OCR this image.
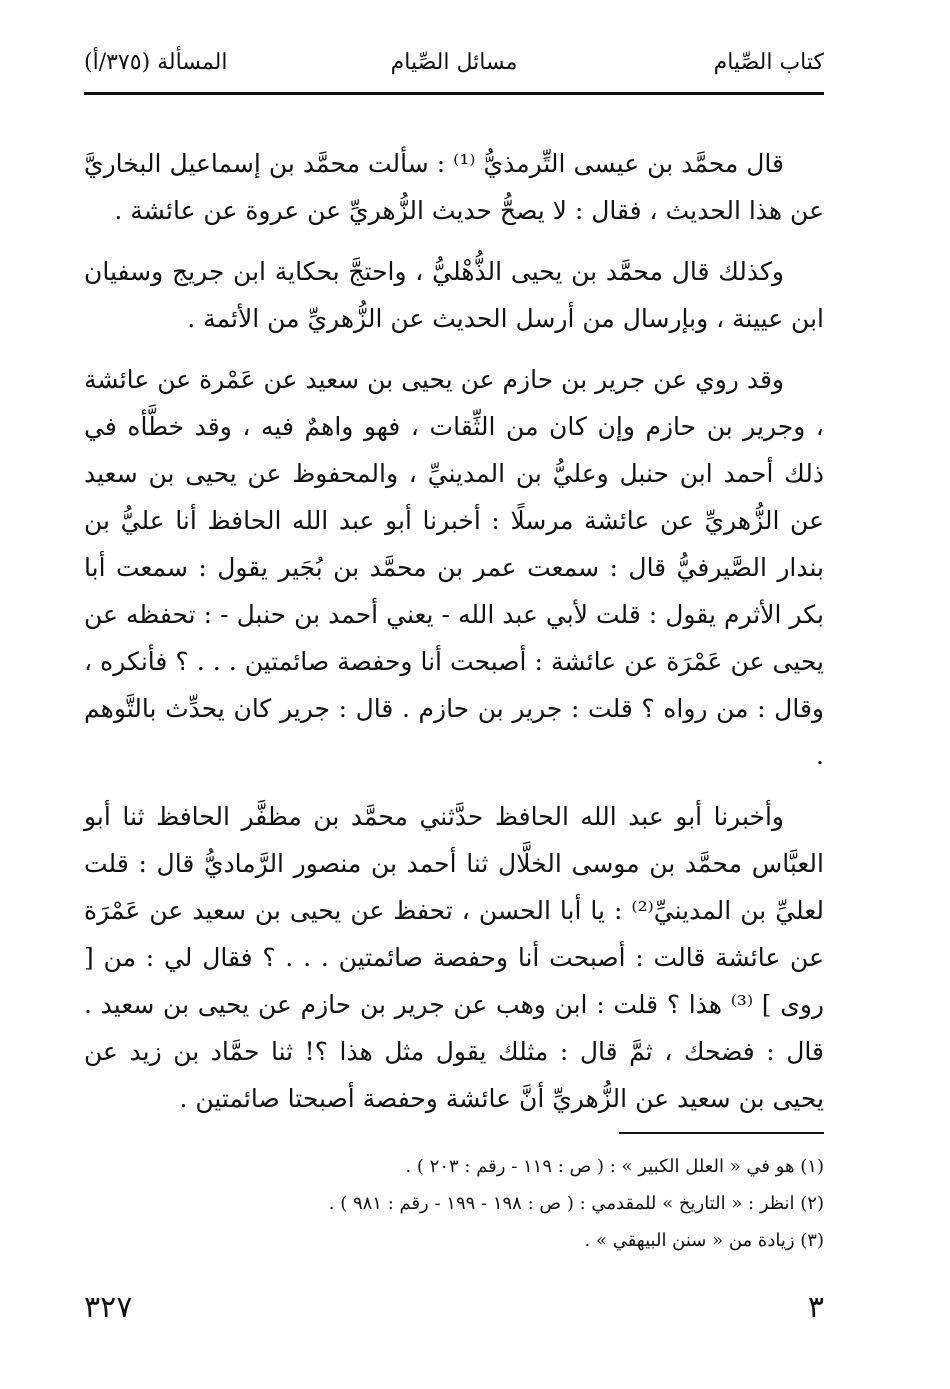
كتاب الصِّيام
مسائل الصِّيام
المسألة (٣٧٥/أ)

قال محمَّد بن عيسى التِّرمذيُّ ⁽¹⁾ : سألت محمَّد بن إسماعيل البخاريَّ عن هذا الحديث ، فقال : لا يصحُّ حديث الزُّهريِّ عن عروة عن عائشة .

وكذلك قال محمَّد بن يحيى الذُّهْليُّ ، واحتجَّ بحكاية ابن جريج وسفيان ابن عيينة ، وبإرسال من أرسل الحديث عن الزُّهريِّ من الأئمة .

وقد روي عن جرير بن حازم عن يحيى بن سعيد عن عَمْرة عن عائشة ، وجرير بن حازم وإن كان من الثِّقات ، فهو واهمٌ فيه ، وقد خطَّأه في ذلك أحمد ابن حنبل وعليُّ بن المدينيِّ ، والمحفوظ عن يحيى بن سعيد عن الزُّهريِّ عن عائشة مرسلًا : أخبرنا أبو عبد الله الحافظ أنا عليُّ بن بندار الصَّيرفيُّ قال : سمعت عمر بن محمَّد بن بُجَير يقول : سمعت أبا بكر الأثرم يقول : قلت لأبي عبد الله - يعني أحمد بن حنبل - : تحفظه عن يحيى عن عَمْرَة عن عائشة : أصبحت أنا وحفصة صائمتين . . . ؟ فأنكره ، وقال : من رواه ؟ قلت : جرير بن حازم . قال : جرير كان يحدِّث بالتَّوهم .

وأخبرنا أبو عبد الله الحافظ حدَّثني محمَّد بن مظفَّر الحافظ ثنا أبو العبَّاس محمَّد بن موسى الخلَّال ثنا أحمد بن منصور الرَّماديُّ قال : قلت لعليِّ بن المدينيِّ⁽²⁾ : يا أبا الحسن ، تحفظ عن يحيى بن سعيد عن عَمْرَة عن عائشة قالت : أصبحت أنا وحفصة صائمتين . . . ؟ فقال لي : من [ روى ] ⁽³⁾ هذا ؟ قلت : ابن وهب عن جرير بن حازم عن يحيى بن سعيد . قال : فضحك ، ثمَّ قال : مثلك يقول مثل هذا ؟! ثنا حمَّاد بن زيد عن يحيى بن سعيد عن الزُّهريِّ أنَّ عائشة وحفصة أصبحتا صائمتين .

(١) هو في « العلل الكبير » : ( ص : ١١٩ - رقم : ٢٠٣ ) .
(٢) انظر : « التاريخ » للمقدمي : ( ص : ١٩٨ - ١٩٩ - رقم : ٩٨١ ) .
(٣) زيادة من « سنن البيهقي » .
٣
٣٢٧
